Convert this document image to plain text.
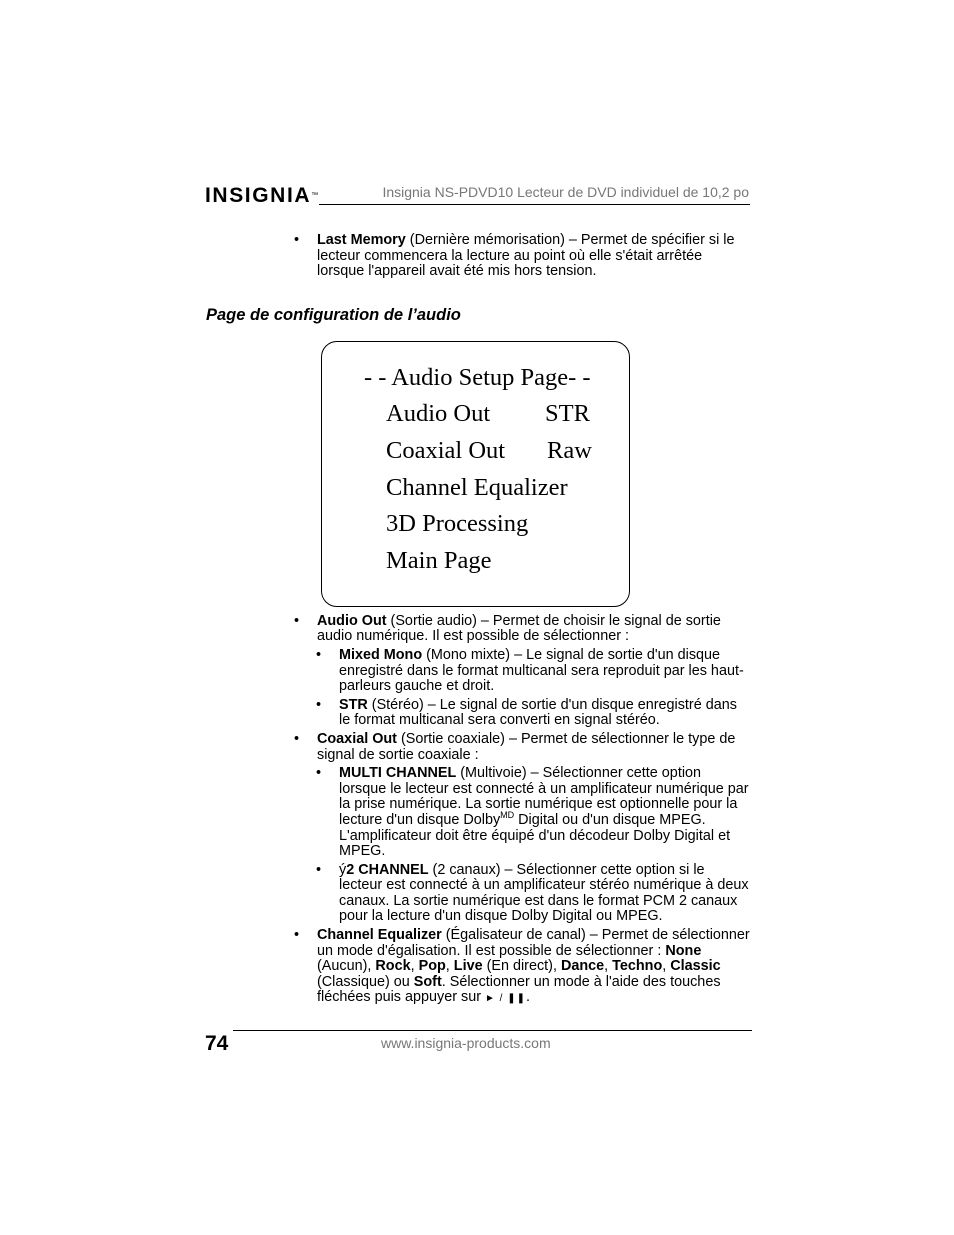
INSIGNIA™	Insignia NS-PDVD10 Lecteur de DVD individuel de 10,2 po
• Last Memory (Dernière mémorisation) – Permet de spécifier si le lecteur commencera la lecture au point où elle s'était arrêtée lorsque l'appareil avait été mis hors tension.
Page de configuration de l’audio
- - Audio Setup Page- -
Audio Out STR
Coaxial Out Raw
Channel Equalizer
3D Processing
Main Page
• Audio Out (Sortie audio) – Permet de choisir le signal de sortie audio numérique. Il est possible de sélectionner :
• Mixed Mono (Mono mixte) – Le signal de sortie d'un disque enregistré dans le format multicanal sera reproduit par les haut-parleurs gauche et droit.
• STR (Stéréo) – Le signal de sortie d'un disque enregistré dans le format multicanal sera converti en signal stéréo.
• Coaxial Out (Sortie coaxiale) – Permet de sélectionner le type de signal de sortie coaxiale :
• MULTI CHANNEL (Multivoie) – Sélectionner cette option lorsque le lecteur est connecté à un amplificateur numérique par la prise numérique. La sortie numérique est optionnelle pour la lecture d'un disque Dolby$^{MD}$ Digital ou d'un disque MPEG. L'amplificateur doit être équipé d'un décodeur Dolby Digital et MPEG.
• ý2 CHANNEL (2 canaux) – Sélectionner cette option si le lecteur est connecté à un amplificateur stéréo numérique à deux canaux. La sortie numérique est dans le format PCM 2 canaux pour la lecture d'un disque Dolby Digital ou MPEG.
• Channel Equalizer (Égalisateur de canal) – Permet de sélectionner un mode d'égalisation. Il est possible de sélectionner : None (Aucun), Rock, Pop, Live (En direct), Dance, Techno, Classic (Classique) ou Soft. Sélectionner un mode à l'aide des touches fléchées puis appuyer sur ► / ❚❚.
74	www.insignia-products.com
